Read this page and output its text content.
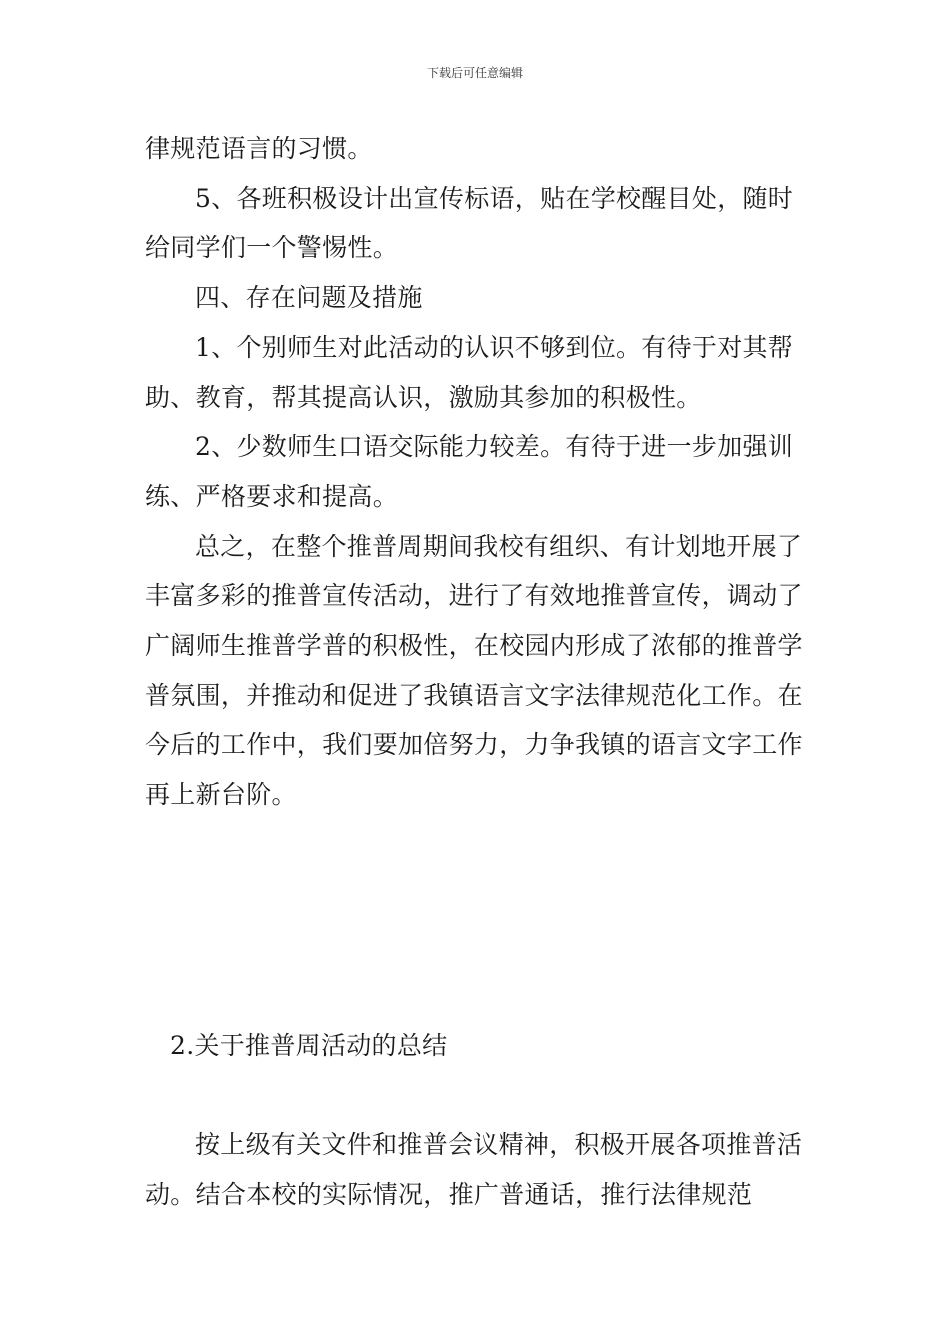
下载后可任意编辑

律规范语言的习惯。

5、各班积极设计出宣传标语，贴在学校醒目处，随时给同学们一个警惕性。

四、存在问题及措施

1、个别师生对此活动的认识不够到位。有待于对其帮助、教育，帮其提高认识，激励其参加的积极性。

2、少数师生口语交际能力较差。有待于进一步加强训练、严格要求和提高。

总之，在整个推普周期间我校有组织、有计划地开展了丰富多彩的推普宣传活动，进行了有效地推普宣传，调动了广阔师生推普学普的积极性，在校园内形成了浓郁的推普学普氛围，并推动和促进了我镇语言文字法律规范化工作。在今后的工作中，我们要加倍努力，力争我镇的语言文字工作再上新台阶。

2.关于推普周活动的总结

按上级有关文件和推普会议精神，积极开展各项推普活动。结合本校的实际情况，推广普通话，推行法律规范
